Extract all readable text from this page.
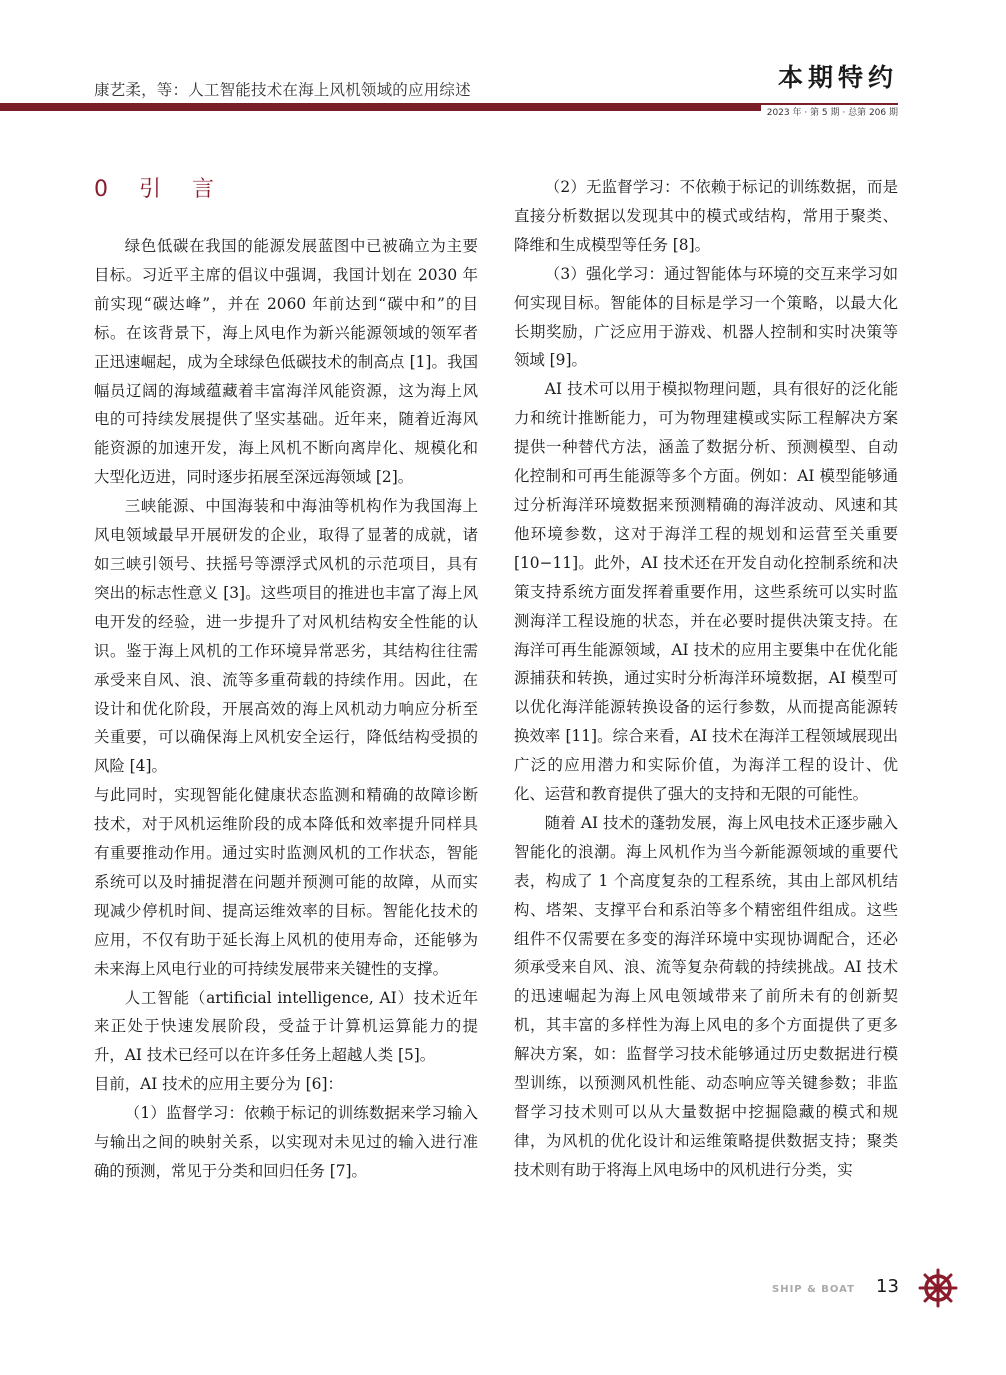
康艺柔，等：人工智能技术在海上风机领域的应用综述	本期特约
2023 年 · 第 5 期 · 总第 206 期
0 引 言

绿色低碳在我国的能源发展蓝图中已被确立为主要目标。习近平主席的倡议中强调，我国计划在 2030 年前实现“碳达峰”，并在 2060 年前达到“碳中和”的目标。在该背景下，海上风电作为新兴能源领域的领军者正迅速崛起，成为全球绿色低碳技术的制高点 [1]。我国幅员辽阔的海域蕴藏着丰富海洋风能资源，这为海上风电的可持续发展提供了坚实基础。近年来，随着近海风能资源的加速开发，海上风机不断向离岸化、规模化和大型化迈进，同时逐步拓展至深远海领域 [2]。

三峡能源、中国海装和中海油等机构作为我国海上风电领域最早开展研发的企业，取得了显著的成就，诸如三峡引领号、扶摇号等漂浮式风机的示范项目，具有突出的标志性意义 [3]。这些项目的推进也丰富了海上风电开发的经验，进一步提升了对风机结构安全性能的认识。鉴于海上风机的工作环境异常恶劣，其结构往往需承受来自风、浪、流等多重荷载的持续作用。因此，在设计和优化阶段，开展高效的海上风机动力响应分析至关重要，可以确保海上风机安全运行，降低结构受损的风险 [4]。

与此同时，实现智能化健康状态监测和精确的故障诊断技术，对于风机运维阶段的成本降低和效率提升同样具有重要推动作用。通过实时监测风机的工作状态，智能系统可以及时捕捉潜在问题并预测可能的故障，从而实现减少停机时间、提高运维效率的目标。智能化技术的应用，不仅有助于延长海上风机的使用寿命，还能够为未来海上风电行业的可持续发展带来关键性的支撑。

人工智能（artificial intelligence, AI）技术近年来正处于快速发展阶段，受益于计算机运算能力的提升，AI 技术已经可以在许多任务上超越人类 [5]。

目前，AI 技术的应用主要分为 [6]：

（1）监督学习：依赖于标记的训练数据来学习输入与输出之间的映射关系，以实现对未见过的输入进行准确的预测，常见于分类和回归任务 [7]。

（2）无监督学习：不依赖于标记的训练数据，而是直接分析数据以发现其中的模式或结构，常用于聚类、降维和生成模型等任务 [8]。

（3）强化学习：通过智能体与环境的交互来学习如何实现目标。智能体的目标是学习一个策略，以最大化长期奖励，广泛应用于游戏、机器人控制和实时决策等领域 [9]。

AI 技术可以用于模拟物理问题，具有很好的泛化能力和统计推断能力，可为物理建模或实际工程解决方案提供一种替代方法，涵盖了数据分析、预测模型、自动化控制和可再生能源等多个方面。例如：AI 模型能够通过分析海洋环境数据来预测精确的海洋波动、风速和其他环境参数，这对于海洋工程的规划和运营至关重要 [10−11]。此外，AI 技术还在开发自动化控制系统和决策支持系统方面发挥着重要作用，这些系统可以实时监测海洋工程设施的状态，并在必要时提供决策支持。在海洋可再生能源领域，AI 技术的应用主要集中在优化能源捕获和转换，通过实时分析海洋环境数据，AI 模型可以优化海洋能源转换设备的运行参数，从而提高能源转换效率 [11]。综合来看，AI 技术在海洋工程领域展现出广泛的应用潜力和实际价值，为海洋工程的设计、优化、运营和教育提供了强大的支持和无限的可能性。

随着 AI 技术的蓬勃发展，海上风电技术正逐步融入智能化的浪潮。海上风机作为当今新能源领域的重要代表，构成了 1 个高度复杂的工程系统，其由上部风机结构、塔架、支撑平台和系泊等多个精密组件组成。这些组件不仅需要在多变的海洋环境中实现协调配合，还必须承受来自风、浪、流等复杂荷载的持续挑战。AI 技术的迅速崛起为海上风电领域带来了前所未有的创新契机，其丰富的多样性为海上风电的多个方面提供了更多解决方案，如：监督学习技术能够通过历史数据进行模型训练，以预测风机性能、动态响应等关键参数；非监督学习技术则可以从大量数据中挖掘隐藏的模式和规律，为风机的优化设计和运维策略提供数据支持；聚类技术则有助于将海上风电场中的风机进行分类，实

SHIP & BOAT 13
